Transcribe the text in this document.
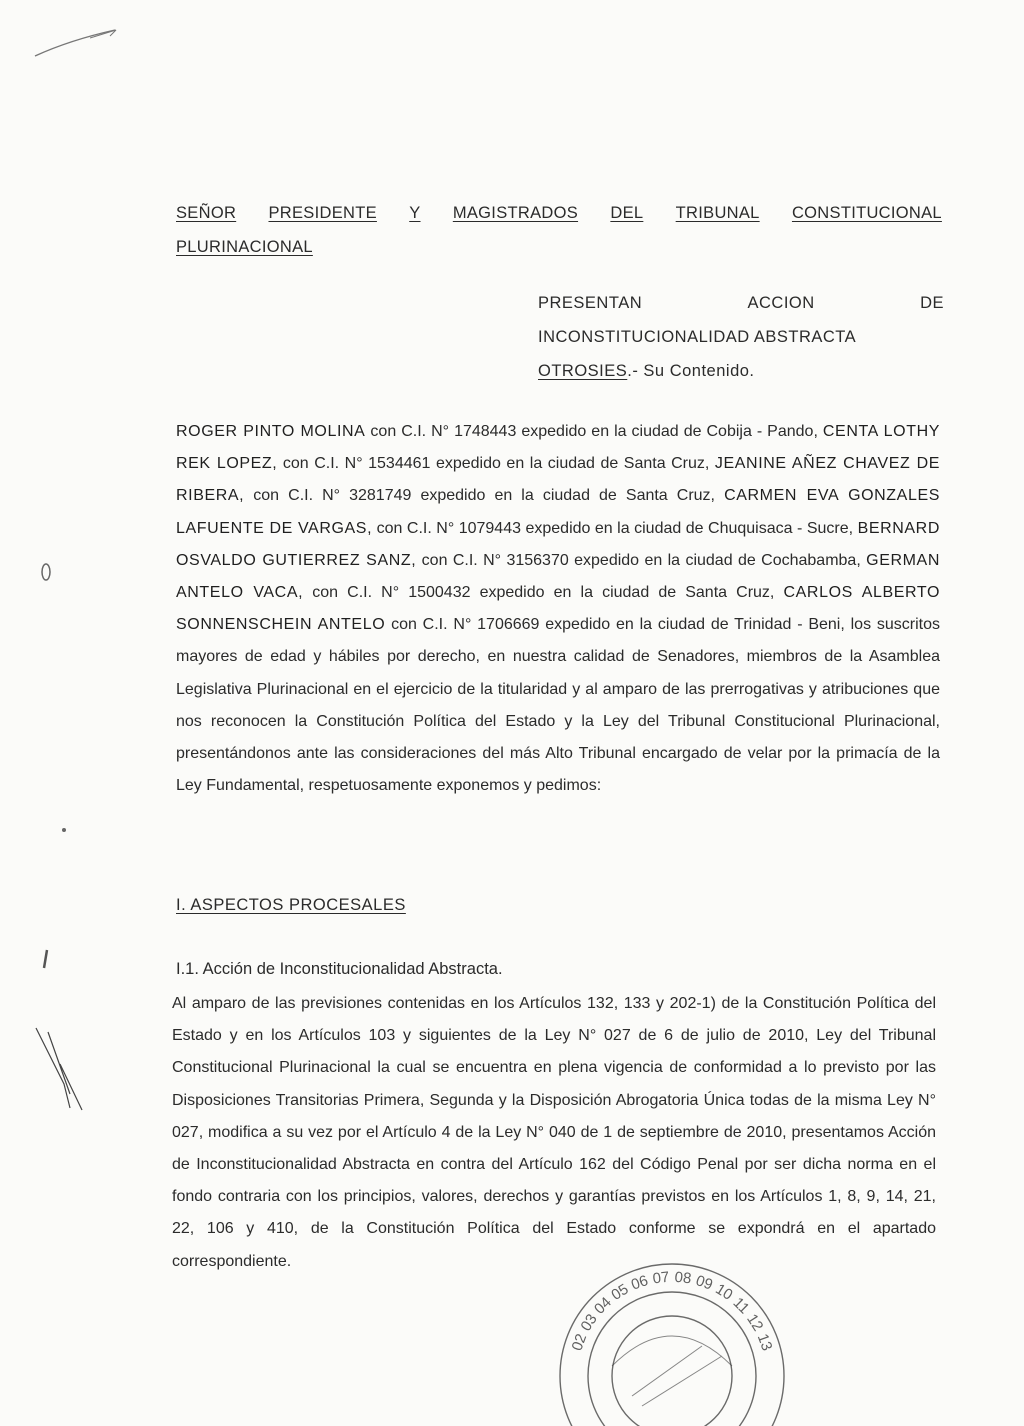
SEÑOR PRESIDENTE Y MAGISTRADOS DEL TRIBUNAL CONSTITUCIONAL
PLURINACIONAL
PRESENTAN	ACCION	DE
INCONSTITUCIONALIDAD ABSTRACTA
OTROSIES.- Su Contenido.

ROGER PINTO MOLINA con C.I. N° 1748443 expedido en la ciudad de Cobija - Pando, CENTA LOTHY REK LOPEZ, con C.I. N° 1534461 expedido en la ciudad de Santa Cruz, JEANINE AÑEZ CHAVEZ DE RIBERA, con C.I. N° 3281749 expedido en la ciudad de Santa Cruz, CARMEN EVA GONZALES LAFUENTE DE VARGAS, con C.I. N° 1079443 expedido en la ciudad de Chuquisaca - Sucre, BERNARD OSVALDO GUTIERREZ SANZ, con C.I. N° 3156370 expedido en la ciudad de Cochabamba, GERMAN ANTELO VACA, con C.I. N° 1500432 expedido en la ciudad de Santa Cruz, CARLOS ALBERTO SONNENSCHEIN ANTELO con C.I. N° 1706669 expedido en la ciudad de Trinidad - Beni, los suscritos mayores de edad y hábiles por derecho, en nuestra calidad de Senadores, miembros de la Asamblea Legislativa Plurinacional en el ejercicio de la titularidad y al amparo de las prerrogativas y atribuciones que nos reconocen la Constitución Política del Estado y la Ley del Tribunal Constitucional Plurinacional, presentándonos ante las consideraciones del más Alto Tribunal encargado de velar por la primacía de la Ley Fundamental, respetuosamente exponemos y pedimos:

I. ASPECTOS PROCESALES
I.1. Acción de Inconstitucionalidad Abstracta.

Al amparo de las previsiones contenidas en los Artículos 132, 133 y 202-1) de la Constitución Política del Estado y en los Artículos 103 y siguientes de la Ley N° 027 de 6 de julio de 2010, Ley del Tribunal Constitucional Plurinacional la cual se encuentra en plena vigencia de conformidad a lo previsto por las Disposiciones Transitorias Primera, Segunda y la Disposición Abrogatoria Única todas de la misma Ley N° 027, modifica a su vez por el Artículo 4 de la Ley N° 040 de 1 de septiembre de 2010, presentamos Acción de Inconstitucionalidad Abstracta en contra del Artículo 162 del Código Penal por ser dicha norma en el fondo contraria con los principios, valores, derechos y garantías previstos en los Artículos 1, 8, 9, 14, 21, 22, 106 y 410, de la Constitución Política del Estado conforme se expondrá en el apartado correspondiente.

02
03
04
05
06 07 08 09
10
11
12
13
